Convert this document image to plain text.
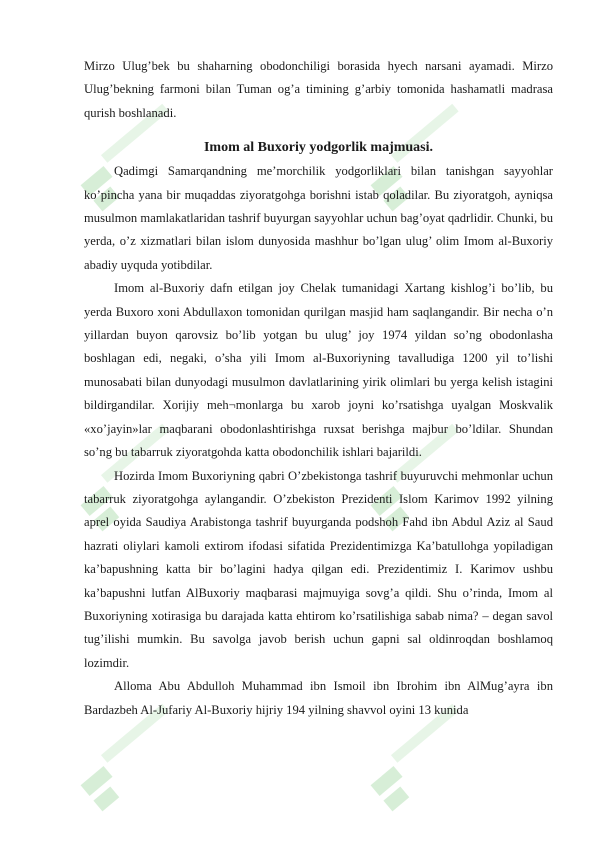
Mirzo Ulug’bek bu shaharning obodonchiligi borasida hyech narsani ayamadi. Mirzo Ulug’bekning farmoni bilan Tuman og’a timining g’arbiy tomonida hashamatli madrasa qurish boshlanadi.

Imom al Buxoriy yodgorlik majmuasi.

Qadimgi Samarqandning me’morchilik yodgorliklari bilan tanishgan sayyohlar ko’pincha yana bir muqaddas ziyoratgohga borishni istab qoladilar. Bu ziyoratgoh, ayniqsa musulmon mamlakatlaridan tashrif buyurgan sayyohlar uchun bag’oyat qadrlidir. Chunki, bu yerda, o’z xizmatlari bilan islom dunyosida mashhur bo’lgan ulug’ olim Imom al-Buxoriy abadiy uyquda yotibdilar.

Imom al-Buxoriy dafn etilgan joy Chelak tumanidagi Xartang kishlog’i bo’lib, bu yerda Buxoro xoni Abdullaxon tomonidan qurilgan masjid ham saqlangandir. Bir necha o’n yillardan buyon qarovsiz bo’lib yotgan bu ulug’ joy 1974 yildan so’ng obodonlasha boshlagan edi, negaki, o’sha yili Imom al-Buxoriyning tavalludiga 1200 yil to’lishi munosabati bilan dunyodagi musulmon davlatlarining yirik olimlari bu yerga kelish istagini bildirgandilar. Xorijiy meh¬monlarga bu xarob joyni ko’rsatishga uyalgan Moskvalik «xo’jayin»lar maqbarani obodonlashtirishga ruxsat berishga majbur bo’ldilar. Shundan so’ng bu tabarruk ziyoratgohda katta obodonchilik ishlari bajarildi.

Hozirda Imom Buxoriyning qabri O’zbekistonga tashrif buyuruvchi mehmonlar uchun tabarruk ziyoratgohga aylangandir. O’zbekiston Prezidenti Islom Karimov 1992 yilning aprel oyida Saudiya Arabistonga tashrif buyurganda podshoh Fahd ibn Abdul Aziz al Saud hazrati oliylari kamoli extirom ifodasi sifatida Prezidentimizga Ka’batullohga yopiladigan ka’bapushning katta bir bo’lagini hadya qilgan edi. Prezidentimiz I. Karimov ushbu ka’bapushni lutfan AlBuxoriy maqbarasi majmuyiga sovg’a qildi. Shu o’rinda, Imom al Buxoriyning xotirasiga bu darajada katta ehtirom ko’rsatilishiga sabab nima? – degan savol tug’ilishi mumkin. Bu savolga javob berish uchun gapni sal oldinroqdan boshlamoq lozimdir.

Alloma Abu Abdulloh Muhammad ibn Ismoil ibn Ibrohim ibn AlMug’ayra ibn Bardazbeh Al-Jufariy Al-Buxoriy hijriy 194 yilning shavvol oyini 13 kunida
